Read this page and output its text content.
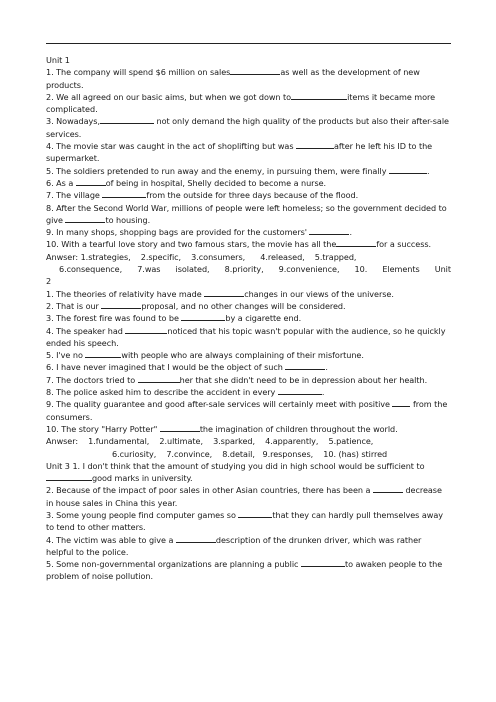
Unit 1

1. The company will spend $6 million on sales	as well as the development of new products.

2. We all agreed on our basic aims, but when we got down to	items it became more complicated.

3. Nowadays,	not only demand the high quality of the products but also their after-sale services.

4. The movie star was caught in the act of shoplifting but was	after he left his ID to the supermarket.

5. The soldiers pretended to run away and the enemy, in pursuing them, were finally	.

6. As a	of being in hospital, Shelly decided to become a nurse.

7. The village	from the outside for three days because of the flood.

8. After the Second World War, millions of people were left homeless; so the government decided to give	to housing.

9. In many shops, shopping bags are provided for the customers'	.

10. With a tearful love story and two famous stars, the movie has all the	for a success. Anwser: 1.strategies, 2.specific, 3.consumers, 4.released, 5.trapped,

6.consequence, 7.was isolated, 8.priority, 9.convenience, 10. Elements Unit

2

1. The theories of relativity have made	changes in our views of the universe.

2. That is our	proposal, and no other changes will be considered.

3. The forest fire was found to be	by a cigarette end.

4. The speaker had	noticed that his topic wasn't popular with the audience, so he quickly ended his speech.

5. I've no	with people who are always complaining of their misfortune.

6. I have never imagined that I would be the object of such	.

7. The doctors tried to	her that she didn't need to be in depression about her health.

8. The police asked him to describe the accident in every	.

9. The quality guarantee and good after-sale services will certainly meet with positive  from the consumers.

10. The story "Harry Potter"	the imagination of children throughout the world.

Anwser: 1.fundamental, 2.ultimate, 3.sparked, 4.apparently, 5.patience,

6.curiosity, 7.convince, 8.detail, 9.responses, 10. (has) stirred

Unit 3 1. I don't think that the amount of studying you did in high school would be sufficient to good marks in university.

2. Because of the impact of poor sales in other Asian countries, there has been a	decrease in house sales in China this year.

3. Some young people find computer games so	that they can hardly pull themselves away to tend to other matters.

4. The victim was able to give a	description of the drunken driver, which was rather helpful to the police.

5. Some non-governmental organizations are planning a public	to awaken people to the problem of noise pollution.
